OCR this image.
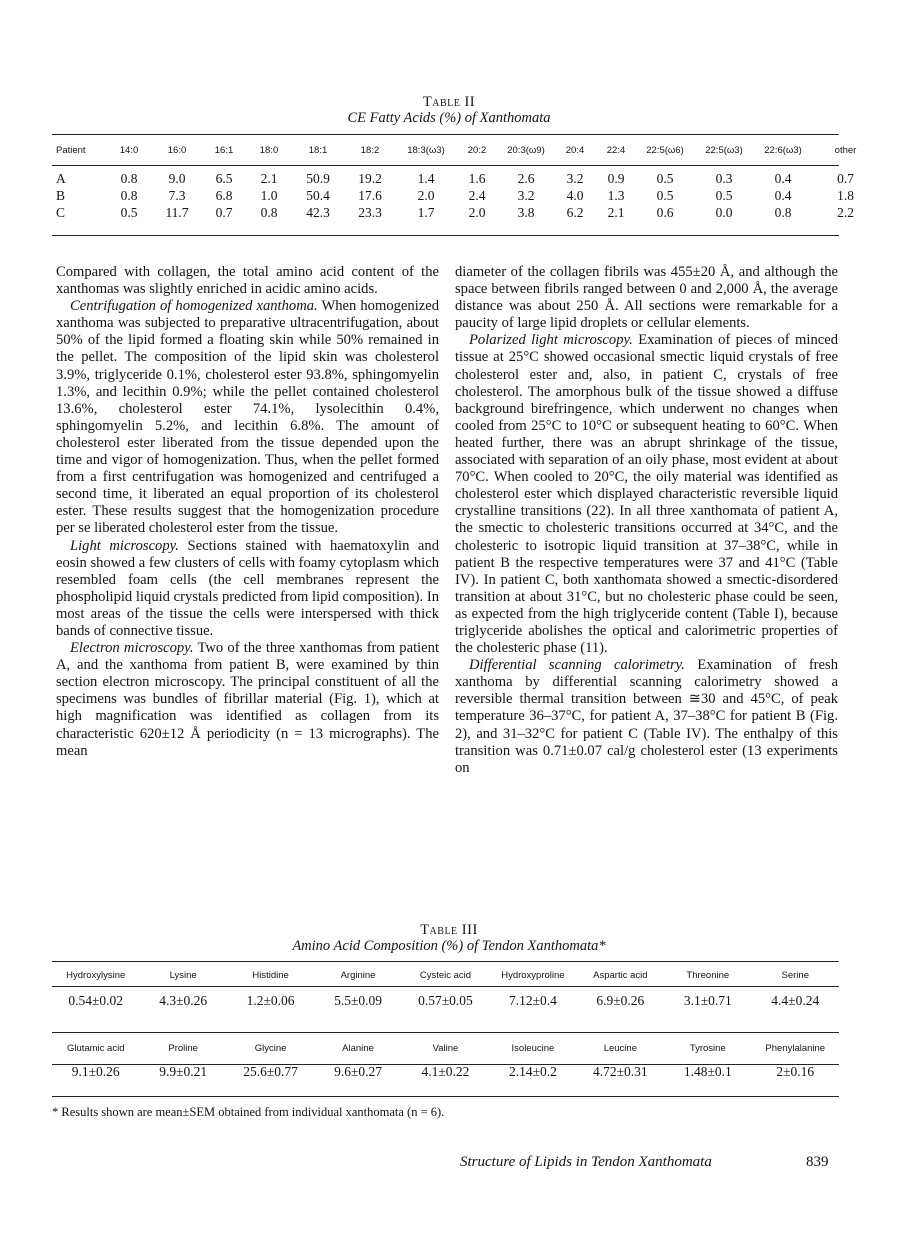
Table II
CE Fatty Acids (%) of Xanthomata
Patient	14:0	16:0	16:1	18:0	18:1	18:2	18:3(ω3)	20:2	20:3(ω9)	20:4	22:4	22:5(ω6)	22:5(ω3)	22:6(ω3)	other
A	0.8	9.0	6.5	2.1	50.9	19.2	1.4	1.6	2.6	3.2	0.9	0.5	0.3	0.4	0.7
B	0.8	7.3	6.8	1.0	50.4	17.6	2.0	2.4	3.2	4.0	1.3	0.5	0.5	0.4	1.8
C	0.5	11.7	0.7	0.8	42.3	23.3	1.7	2.0	3.8	6.2	2.1	0.6	0.0	0.8	2.2

Compared with collagen, the total amino acid content of the xanthomas was slightly enriched in acidic amino acids.

Centrifugation of homogenized xanthoma. When homogenized xanthoma was subjected to preparative ultracentrifugation, about 50% of the lipid formed a floating skin while 50% remained in the pellet. The composition of the lipid skin was cholesterol 3.9%, triglyceride 0.1%, cholesterol ester 93.8%, sphingomyelin 1.3%, and lecithin 0.9%; while the pellet contained cholesterol 13.6%, cholesterol ester 74.1%, lysolecithin 0.4%, sphingomyelin 5.2%, and lecithin 6.8%. The amount of cholesterol ester liberated from the tissue depended upon the time and vigor of homogenization. Thus, when the pellet formed from a first centrifugation was homogenized and centrifuged a second time, it liberated an equal proportion of its cholesterol ester. These results suggest that the homogenization procedure per se liberated cholesterol ester from the tissue.

Light microscopy. Sections stained with haematoxylin and eosin showed a few clusters of cells with foamy cytoplasm which resembled foam cells (the cell membranes represent the phospholipid liquid crystals predicted from lipid composition). In most areas of the tissue the cells were interspersed with thick bands of connective tissue.

Electron microscopy. Two of the three xanthomas from patient A, and the xanthoma from patient B, were examined by thin section electron microscopy. The principal constituent of all the specimens was bundles of fibrillar material (Fig. 1), which at high magnification was identified as collagen from its characteristic 620±12 Å periodicity (n = 13 micrographs). The mean

diameter of the collagen fibrils was 455±20 Å, and although the space between fibrils ranged between 0 and 2,000 Å, the average distance was about 250 Å. All sections were remarkable for a paucity of large lipid droplets or cellular elements.

Polarized light microscopy. Examination of pieces of minced tissue at 25°C showed occasional smectic liquid crystals of free cholesterol ester and, also, in patient C, crystals of free cholesterol. The amorphous bulk of the tissue showed a diffuse background birefringence, which underwent no changes when cooled from 25°C to 10°C or subsequent heating to 60°C. When heated further, there was an abrupt shrinkage of the tissue, associated with separation of an oily phase, most evident at about 70°C. When cooled to 20°C, the oily material was identified as cholesterol ester which displayed characteristic reversible liquid crystalline transitions (22). In all three xanthomata of patient A, the smectic to cholesteric transitions occurred at 34°C, and the cholesteric to isotropic liquid transition at 37–38°C, while in patient B the respective temperatures were 37 and 41°C (Table IV). In patient C, both xanthomata showed a smectic-disordered transition at about 31°C, but no cholesteric phase could be seen, as expected from the high triglyceride content (Table I), because triglyceride abolishes the optical and calorimetric properties of the cholesteric phase (11).

Differential scanning calorimetry. Examination of fresh xanthoma by differential scanning calorimetry showed a reversible thermal transition between ≅30 and 45°C, of peak temperature 36–37°C, for patient A, 37–38°C for patient B (Fig. 2), and 31–32°C for patient C (Table IV). The enthalpy of this transition was 0.71±0.07 cal/g cholesterol ester (13 experiments on

Table III
Amino Acid Composition (%) of Tendon Xanthomata*
Hydroxylysine	Lysine	Histidine	Arginine	Cysteic acid	Hydroxyproline	Aspartic acid	Threonine	Serine
0.54±0.02	4.3±0.26	1.2±0.06	5.5±0.09	0.57±0.05	7.12±0.4	6.9±0.26	3.1±0.71	4.4±0.24
Glutamic acid	Proline	Glycine	Alanine	Valine	Isoleucine	Leucine	Tyrosine	Phenylalanine
9.1±0.26	9.9±0.21	25.6±0.77	9.6±0.27	4.1±0.22	2.14±0.2	4.72±0.31	1.48±0.1	2±0.16
* Results shown are mean±SEM obtained from individual xanthomata (n = 6).
Structure of Lipids in Tendon Xanthomata	839
